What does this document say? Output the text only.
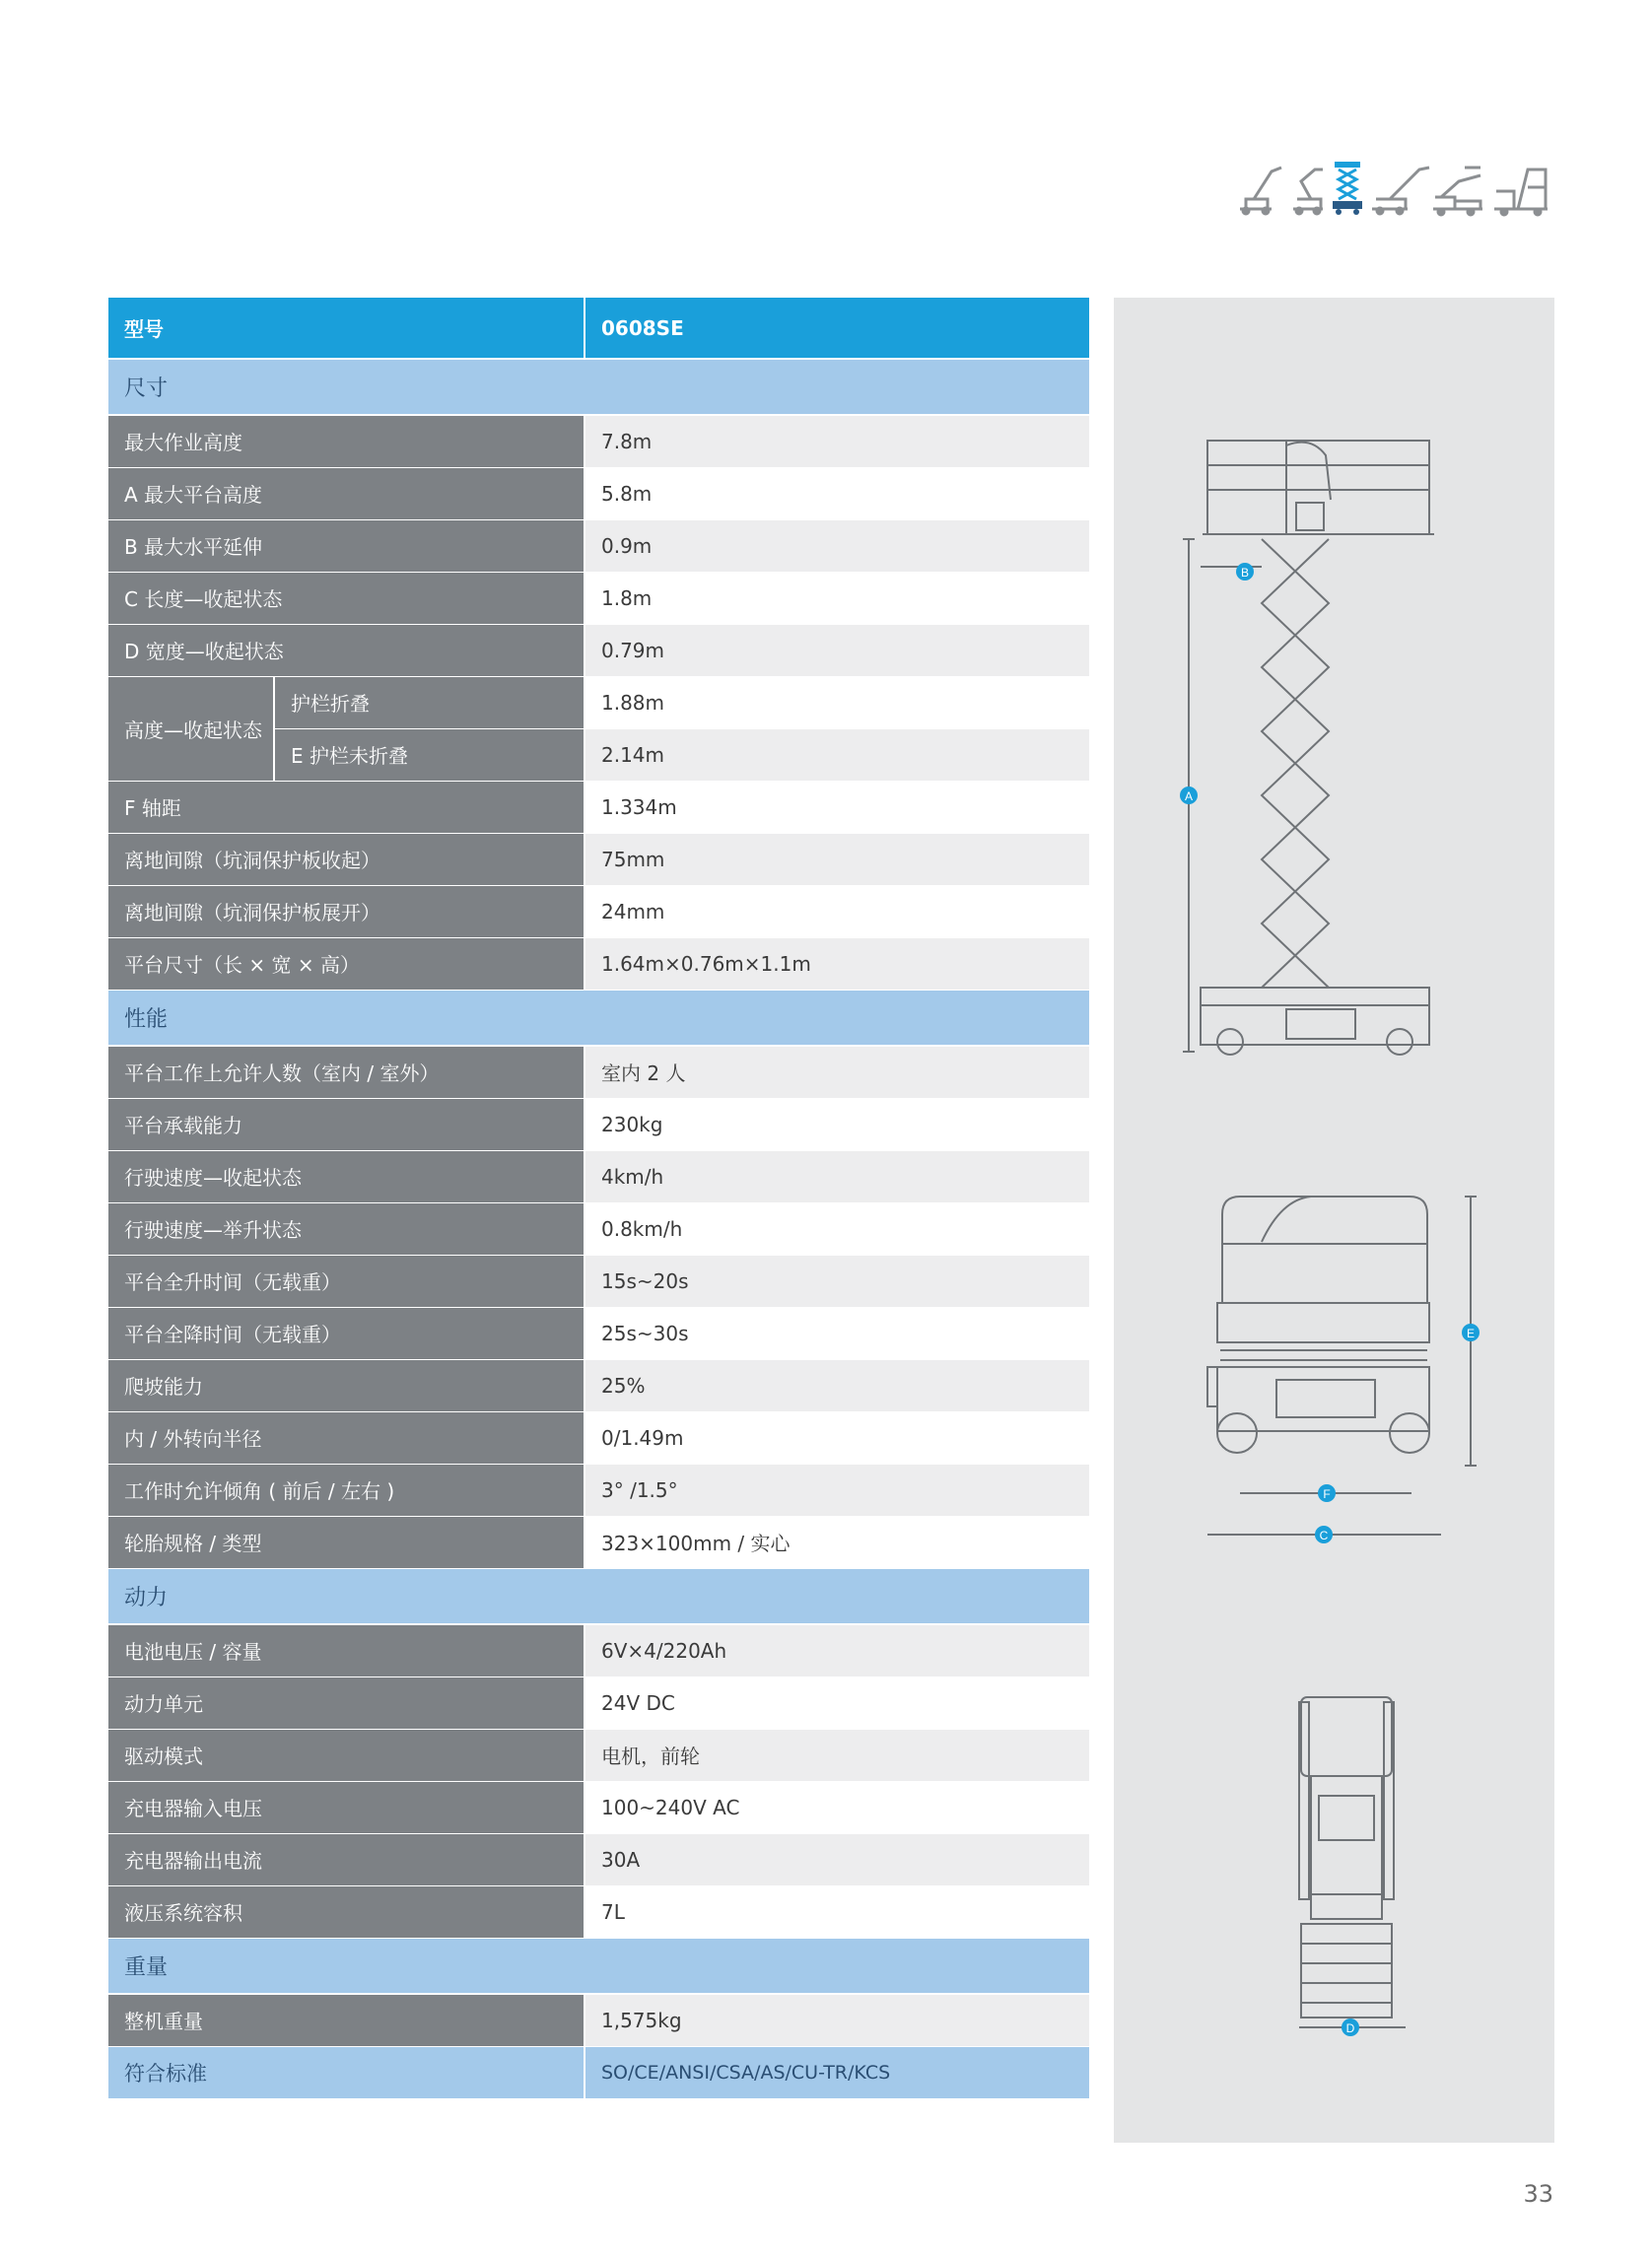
型号		0608SE
尺寸		
最大作业高度		7.8m
A 最大平台高度		5.8m
B 最大水平延伸		0.9m
C 长度—收起状态		1.8m
D 宽度—收起状态		0.79m
高度—收起状态	护栏折叠	1.88m
	E 护栏未折叠	2.14m
F 轴距		1.334m
离地间隙（坑洞保护板收起）		75mm
离地间隙（坑洞保护板展开）		24mm
平台尺寸（长 × 宽 × 高）		1.64m×0.76m×1.1m
性能		
平台工作上允许人数（室内 / 室外）		室内 2 人
平台承载能力		230kg
行驶速度—收起状态		4km/h
行驶速度—举升状态		0.8km/h
平台全升时间（无载重）		15s~20s
平台全降时间（无载重）		25s~30s
爬坡能力		25%
内 / 外转向半径		0/1.49m
工作时允许倾角 ( 前后 / 左右 )		3° /1.5°
轮胎规格 / 类型		323×100mm / 实心
动力		
电池电压 / 容量		6V×4/220Ah
动力单元		24V DC
驱动模式		电机，前轮
充电器输入电压		100~240V AC
充电器输出电流		30A
液压系统容积		7L
重量		
整机重量		1,575kg
符合标准		SO/CE/ANSI/CSA/AS/CU-TR/KCS
B
A
E
F
C
D
33
